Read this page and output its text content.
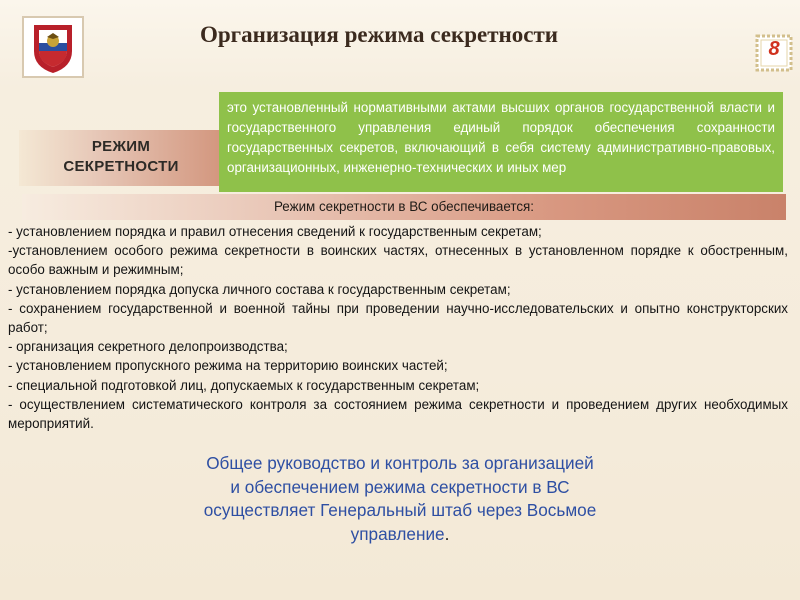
Организация режима секретности
8
РЕЖИМ СЕКРЕТНОСТИ
это установленный нормативными актами высших органов государственной власти и государственного управления единый порядок обеспечения сохранности государственных секретов, включающий в себя систему административно-правовых, организационных, инженерно-технических и иных мер
Режим секретности в ВС обеспечивается:
- установлением порядка и правил отнесения сведений к государственным секретам;
-установлением особого режима секретности в воинских частях, отнесенных в установленном порядке к обостренным, особо важным и режимным;
- установлением порядка допуска личного состава к государственным секретам;
- сохранением государственной и военной тайны при проведении научно-исследовательских и опытно конструкторских работ;
- организация секретного делопроизводства;
- установлением пропускного режима на территорию воинских частей;
- специальной подготовкой лиц, допускаемых к государственным секретам;
- осуществлением систематического контроля за состоянием режима секретности и проведением других необходимых мероприятий.
Общее руководство и контроль за организацией и обеспечением режима секретности в ВС осуществляет Генеральный штаб через Восьмое управление.
